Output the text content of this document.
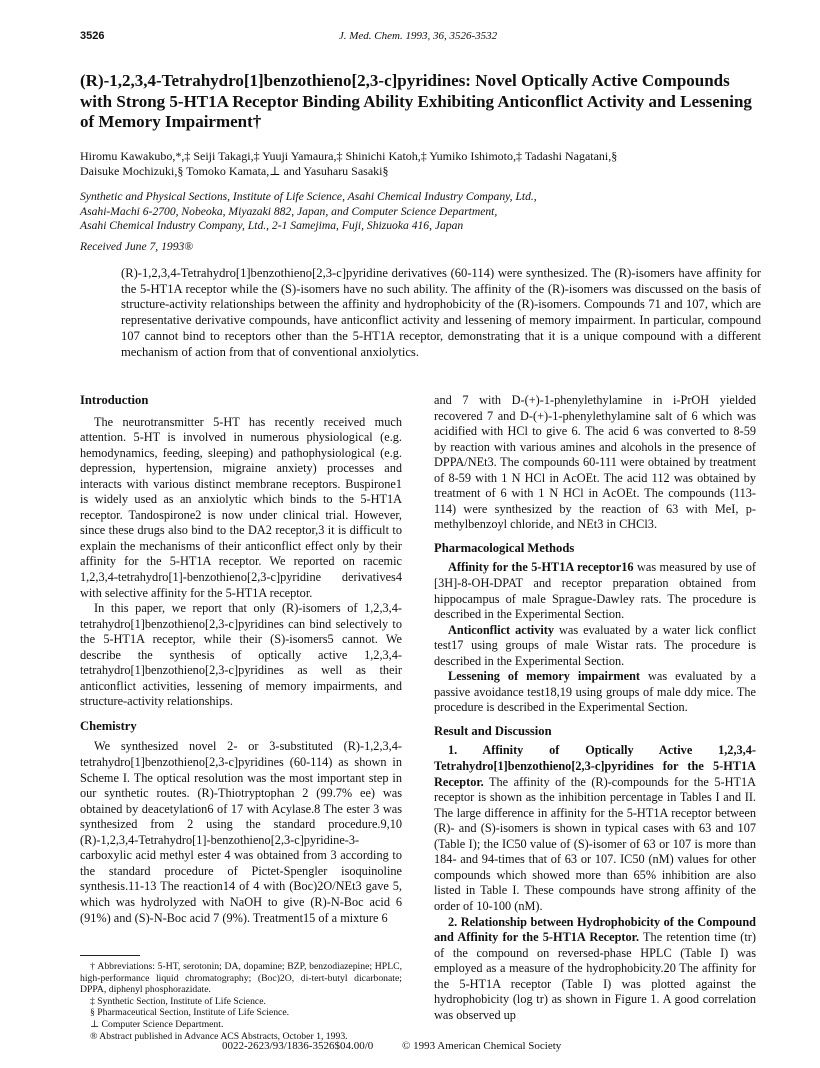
3526	J. Med. Chem. 1993, 36, 3526-3532
(R)-1,2,3,4-Tetrahydro[1]benzothieno[2,3-c]pyridines: Novel Optically Active Compounds with Strong 5-HT1A Receptor Binding Ability Exhibiting Anticonflict Activity and Lessening of Memory Impairment†
Hiromu Kawakubo,*,‡ Seiji Takagi,‡ Yuuji Yamaura,‡ Shinichi Katoh,‡ Yumiko Ishimoto,‡ Tadashi Nagatani,§
Daisuke Mochizuki,§ Tomoko Kamata,⊥ and Yasuharu Sasaki§
Synthetic and Physical Sections, Institute of Life Science, Asahi Chemical Industry Company, Ltd.,
Asahi-Machi 6-2700, Nobeoka, Miyazaki 882, Japan, and Computer Science Department,
Asahi Chemical Industry Company, Ltd., 2-1 Samejima, Fuji, Shizuoka 416, Japan
Received June 7, 1993®
(R)-1,2,3,4-Tetrahydro[1]benzothieno[2,3-c]pyridine derivatives (60-114) were synthesized. The (R)-isomers have affinity for the 5-HT1A receptor while the (S)-isomers have no such ability. The affinity of the (R)-isomers was discussed on the basis of structure-activity relationships between the affinity and hydrophobicity of the (R)-isomers. Compounds 71 and 107, which are representative derivative compounds, have anticonflict activity and lessening of memory impairment. In particular, compound 107 cannot bind to receptors other than the 5-HT1A receptor, demonstrating that it is a unique compound with a different mechanism of action from that of conventional anxiolytics.
Introduction

The neurotransmitter 5-HT has recently received much attention. 5-HT is involved in numerous physiological (e.g. hemodynamics, feeding, sleeping) and pathophysiological (e.g. depression, hypertension, migraine anxiety) processes and interacts with various distinct membrane receptors. Buspirone1 is widely used as an anxiolytic which binds to the 5-HT1A receptor. Tandospirone2 is now under clinical trial. However, since these drugs also bind to the DA2 receptor,3 it is difficult to explain the mechanisms of their anticonflict effect only by their affinity for the 5-HT1A receptor. We reported on racemic 1,2,3,4-tetrahydro[1]-benzothieno[2,3-c]pyridine derivatives4 with selective affinity for the 5-HT1A receptor.

In this paper, we report that only (R)-isomers of 1,2,3,4-tetrahydro[1]benzothieno[2,3-c]pyridines can bind selectively to the 5-HT1A receptor, while their (S)-isomers5 cannot. We describe the synthesis of optically active 1,2,3,4-tetrahydro[1]benzothieno[2,3-c]pyridines as well as their anticonflict activities, lessening of memory impairments, and structure-activity relationships.

Chemistry

We synthesized novel 2- or 3-substituted (R)-1,2,3,4-tetrahydro[1]benzothieno[2,3-c]pyridines (60-114) as shown in Scheme I. The optical resolution was the most important step in our synthetic routes. (R)-Thiotryptophan 2 (99.7% ee) was obtained by deacetylation6 of 17 with Acylase.8 The ester 3 was synthesized from 2 using the standard procedure.9,10 (R)-1,2,3,4-Tetrahydro[1]-benzothieno[2,3-c]pyridine-3-carboxylic acid methyl ester 4 was obtained from 3 according to the standard procedure of Pictet-Spengler isoquinoline synthesis.11-13 The reaction14 of 4 with (Boc)2O/NEt3 gave 5, which was hydrolyzed with NaOH to give (R)-N-Boc acid 6 (91%) and (S)-N-Boc acid 7 (9%). Treatment15 of a mixture 6

† Abbreviations: 5-HT, serotonin; DA, dopamine; BZP, benzodiazepine; HPLC, high-performance liquid chromatography; (Boc)2O, di-tert-butyl dicarbonate; DPPA, diphenyl phosphorazidate.

‡ Synthetic Section, Institute of Life Science.

§ Pharmaceutical Section, Institute of Life Science.

⊥ Computer Science Department.

® Abstract published in Advance ACS Abstracts, October 1, 1993.

and 7 with D-(+)-1-phenylethylamine in i-PrOH yielded recovered 7 and D-(+)-1-phenylethylamine salt of 6 which was acidified with HCl to give 6. The acid 6 was converted to 8-59 by reaction with various amines and alcohols in the presence of DPPA/NEt3. The compounds 60-111 were obtained by treatment of 8-59 with 1 N HCl in AcOEt. The acid 112 was obtained by treatment of 6 with 1 N HCl in AcOEt. The compounds (113-114) were synthesized by the reaction of 63 with MeI, p-methylbenzoyl chloride, and NEt3 in CHCl3.

Pharmacological Methods

Affinity for the 5-HT1A receptor16 was measured by use of [3H]-8-OH-DPAT and receptor preparation obtained from hippocampus of male Sprague-Dawley rats. The procedure is described in the Experimental Section.

Anticonflict activity was evaluated by a water lick conflict test17 using groups of male Wistar rats. The procedure is described in the Experimental Section.

Lessening of memory impairment was evaluated by a passive avoidance test18,19 using groups of male ddy mice. The procedure is described in the Experimental Section.

Result and Discussion

1. Affinity of Optically Active 1,2,3,4-Tetrahydro[1]benzothieno[2,3-c]pyridines for the 5-HT1A Receptor. The affinity of the (R)-compounds for the 5-HT1A receptor is shown as the inhibition percentage in Tables I and II. The large difference in affinity for the 5-HT1A receptor between (R)- and (S)-isomers is shown in typical cases with 63 and 107 (Table I); the IC50 value of (S)-isomer of 63 or 107 is more than 184- and 94-times that of 63 or 107. IC50 (nM) values for other compounds which showed more than 65% inhibition are also listed in Table I. These compounds have strong affinity of the order of 10-100 (nM).

2. Relationship between Hydrophobicity of the Compound and Affinity for the 5-HT1A Receptor. The retention time (tr) of the compound on reversed-phase HPLC (Table I) was employed as a measure of the hydrophobicity.20 The affinity for the 5-HT1A receptor (Table I) was plotted against the hydrophobicity (log tr) as shown in Figure 1. A good correlation was observed up

0022-2623/93/1836-3526$04.00/0	© 1993 American Chemical Society
